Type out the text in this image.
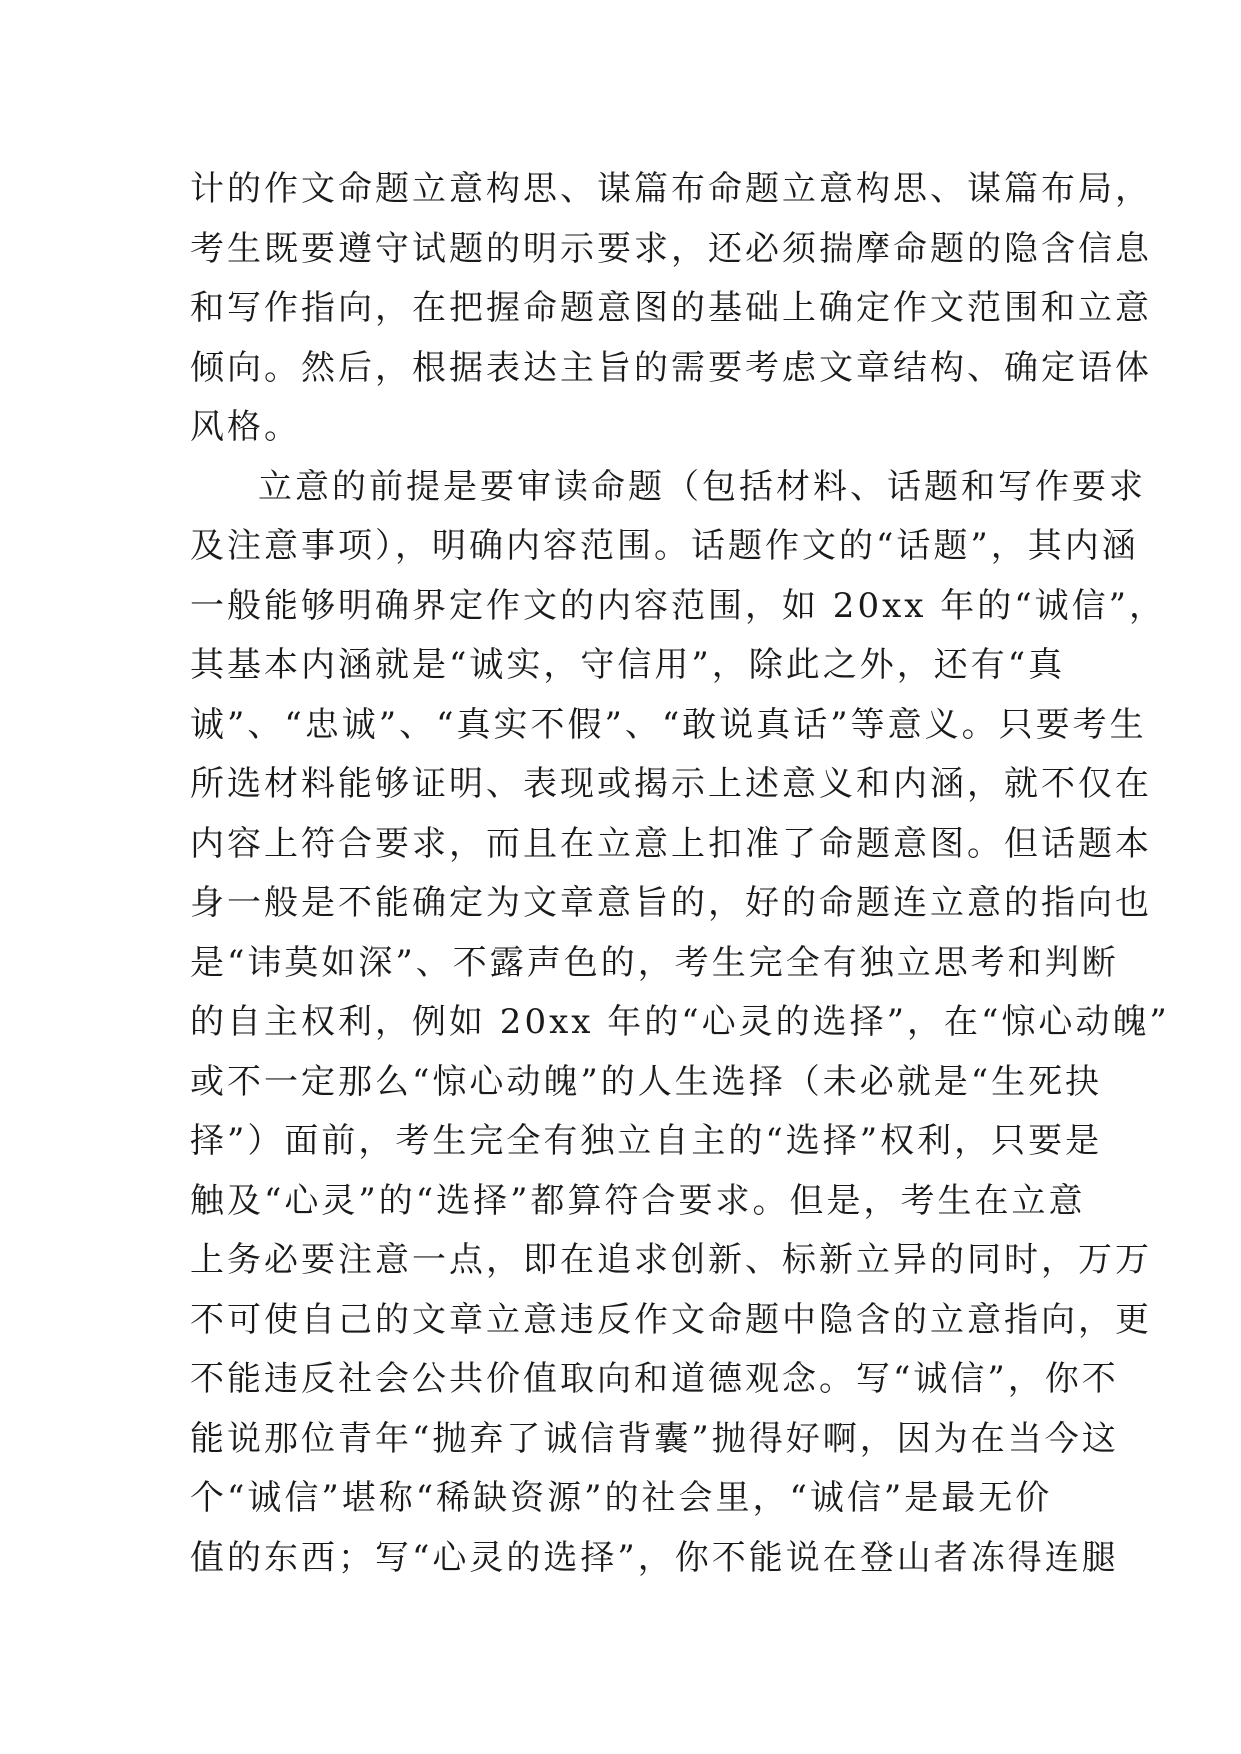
计的作文命题立意构思、谋篇布命题立意构思、谋篇布局，
考生既要遵守试题的明示要求，还必须揣摩命题的隐含信息
和写作指向，在把握命题意图的基础上确定作文范围和立意
倾向。然后，根据表达主旨的需要考虑文章结构、确定语体
风格。
立意的前提是要审读命题（包括材料、话题和写作要求
及注意事项），明确内容范围。话题作文的“话题”，其内涵
一般能够明确界定作文的内容范围，如 20xx 年的“诚信”，
其基本内涵就是“诚实，守信用”，除此之外，还有“真
诚”、“忠诚”、“真实不假”、“敢说真话”等意义。只要考生
所选材料能够证明、表现或揭示上述意义和内涵，就不仅在
内容上符合要求，而且在立意上扣准了命题意图。但话题本
身一般是不能确定为文章意旨的，好的命题连立意的指向也
是“讳莫如深”、不露声色的，考生完全有独立思考和判断
的自主权利，例如 20xx 年的“心灵的选择”，在“惊心动魄”
或不一定那么“惊心动魄”的人生选择（未必就是“生死抉
择”）面前，考生完全有独立自主的“选择”权利，只要是
触及“心灵”的“选择”都算符合要求。但是，考生在立意
上务必要注意一点，即在追求创新、标新立异的同时，万万
不可使自己的文章立意违反作文命题中隐含的立意指向，更
不能违反社会公共价值取向和道德观念。写“诚信”，你不
能说那位青年“抛弃了诚信背囊”抛得好啊，因为在当今这
个“诚信”堪称“稀缺资源”的社会里，“诚信”是最无价
值的东西；写“心灵的选择”，你不能说在登山者冻得连腿
